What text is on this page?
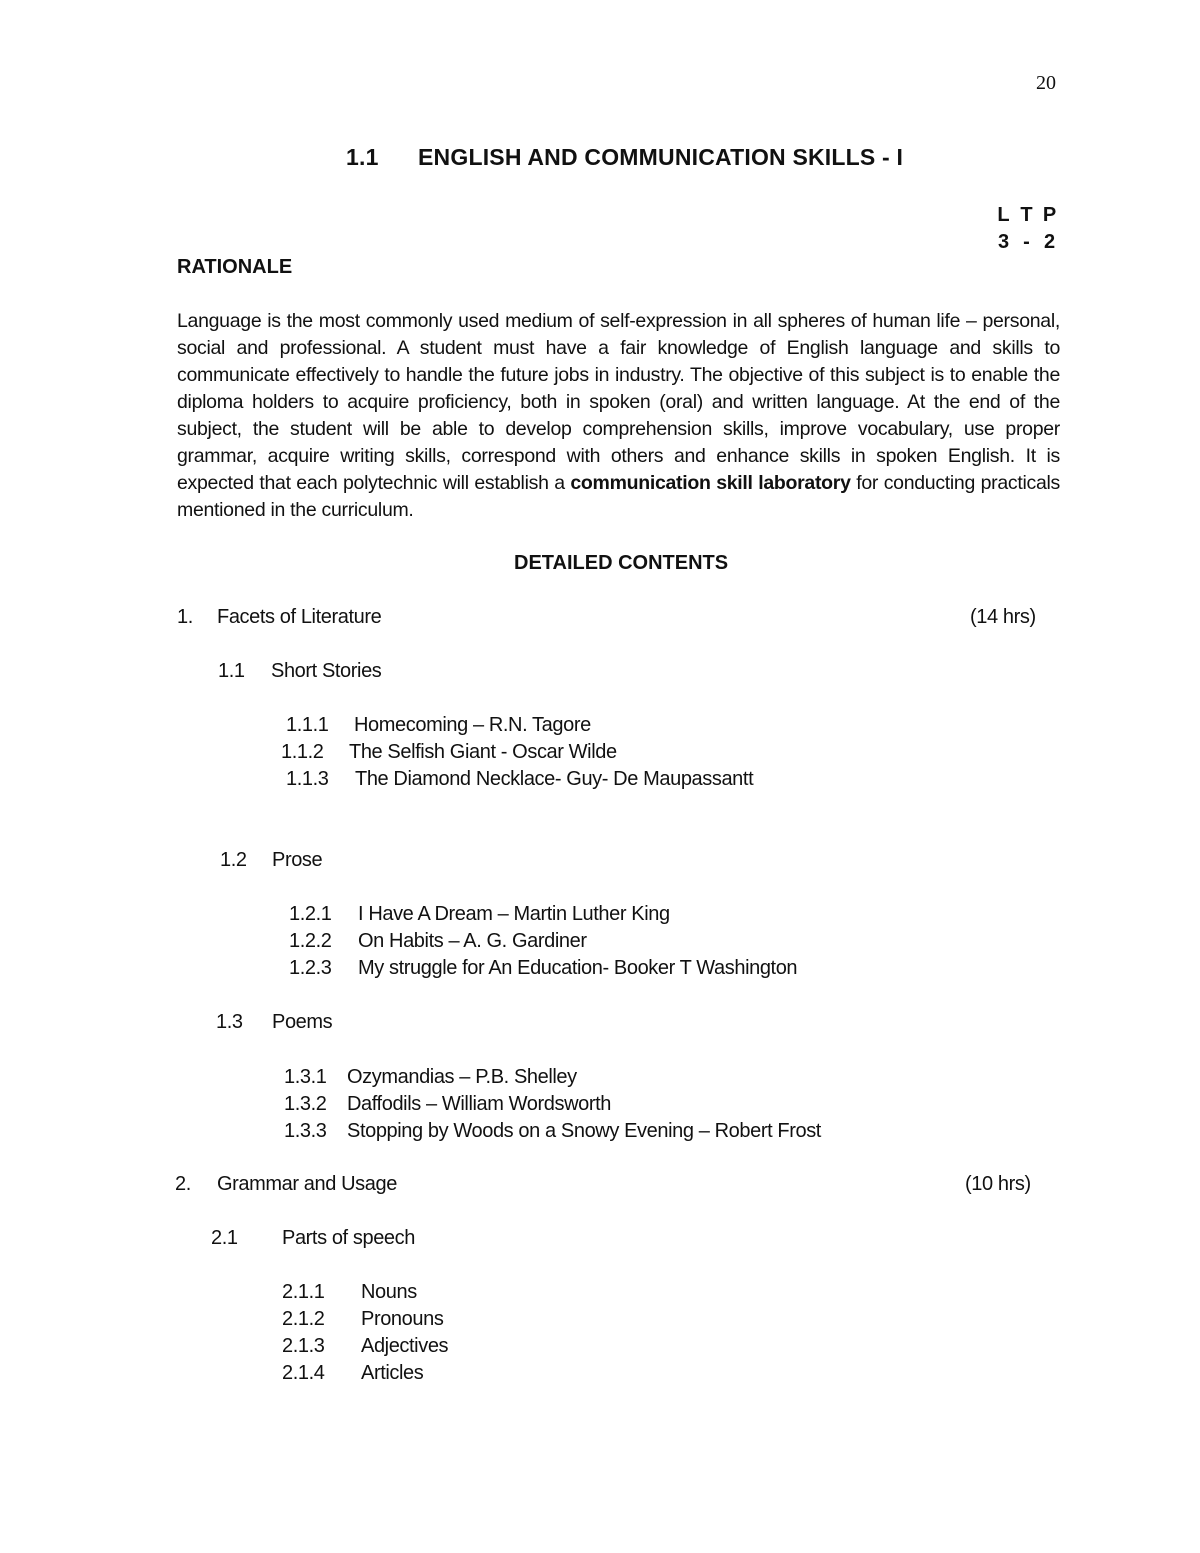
20
1.1 ENGLISH AND COMMUNICATION SKILLS - I
L T P
3 - 2
RATIONALE
Language is the most commonly used medium of self-expression in all spheres of human life – personal, social and professional. A student must have a fair knowledge of English language and skills to communicate effectively to handle the future jobs in industry. The objective of this subject is to enable the diploma holders to acquire proficiency, both in spoken (oral) and written language. At the end of the subject, the student will be able to develop comprehension skills, improve vocabulary, use proper grammar, acquire writing skills, correspond with others and enhance skills in spoken English. It is expected that each polytechnic will establish a communication skill laboratory for conducting practicals mentioned in the curriculum.
DETAILED CONTENTS
1. Facets of Literature	(14 hrs)
1.1 Short Stories
1.1.1 Homecoming – R.N. Tagore
1.1.2 The Selfish Giant - Oscar Wilde
1.1.3 The Diamond Necklace- Guy- De Maupassantt
1.2 Prose
1.2.1 I Have A Dream – Martin Luther King
1.2.2 On Habits – A. G. Gardiner
1.2.3 My struggle for An Education- Booker T Washington
1.3 Poems
1.3.1 Ozymandias – P.B. Shelley
1.3.2 Daffodils – William Wordsworth
1.3.3 Stopping by Woods on a Snowy Evening – Robert Frost
2. Grammar and Usage	(10 hrs)
2.1 Parts of speech
2.1.1 Nouns
2.1.2 Pronouns
2.1.3 Adjectives
2.1.4 Articles
